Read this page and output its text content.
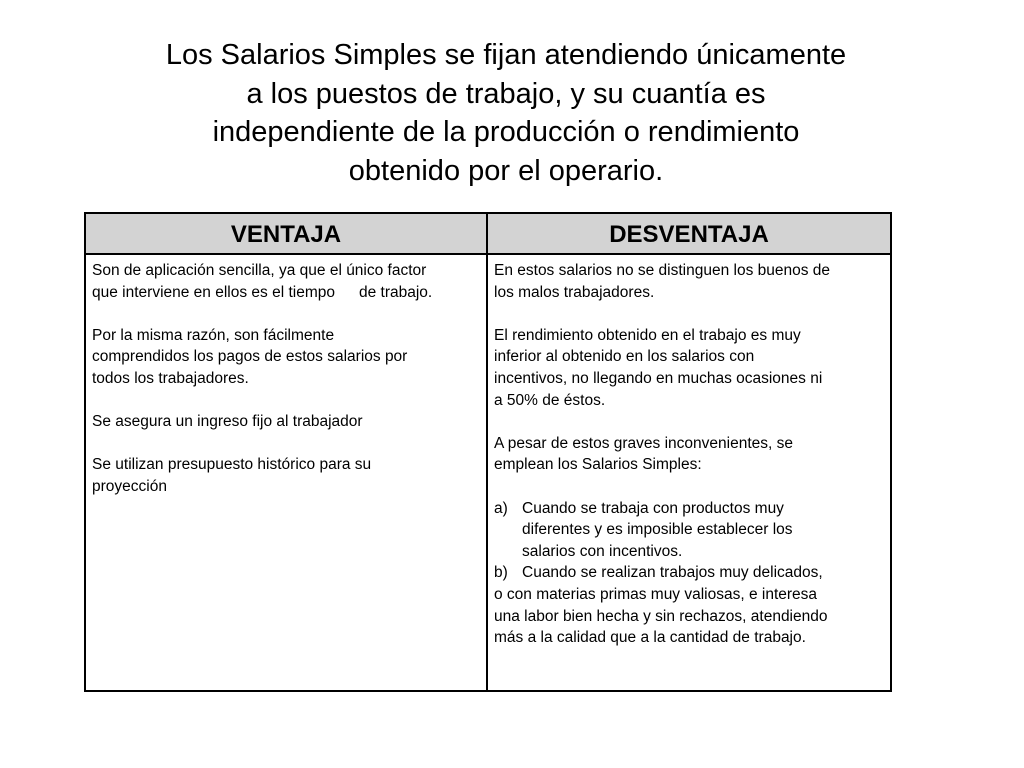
Los Salarios Simples se fijan atendiendo únicamente
a los puestos de trabajo, y su cuantía es
independiente de la producción o rendimiento
obtenido por el operario.
VENTAJA	DESVENTAJA
Son de aplicación sencilla, ya que el único factor
que interviene en ellos es el tiempo de trabajo.
Por la misma razón, son fácilmente
comprendidos los pagos de estos salarios por
todos los trabajadores.
Se asegura un ingreso fijo al trabajador
Se utilizan presupuesto histórico para su
proyección
En estos salarios no se distinguen los buenos de
los malos trabajadores.
El rendimiento obtenido en el trabajo es muy
inferior al obtenido en los salarios con
incentivos, no llegando en muchas ocasiones ni
a 50% de éstos.
A pesar de estos graves inconvenientes, se
emplean los Salarios Simples:
a) Cuando se trabaja con productos muy
diferentes y es imposible establecer los
salarios con incentivos.
b) Cuando se realizan trabajos muy delicados,
o con materias primas muy valiosas, e interesa
una labor bien hecha y sin rechazos, atendiendo
más a la calidad que a la cantidad de trabajo.
